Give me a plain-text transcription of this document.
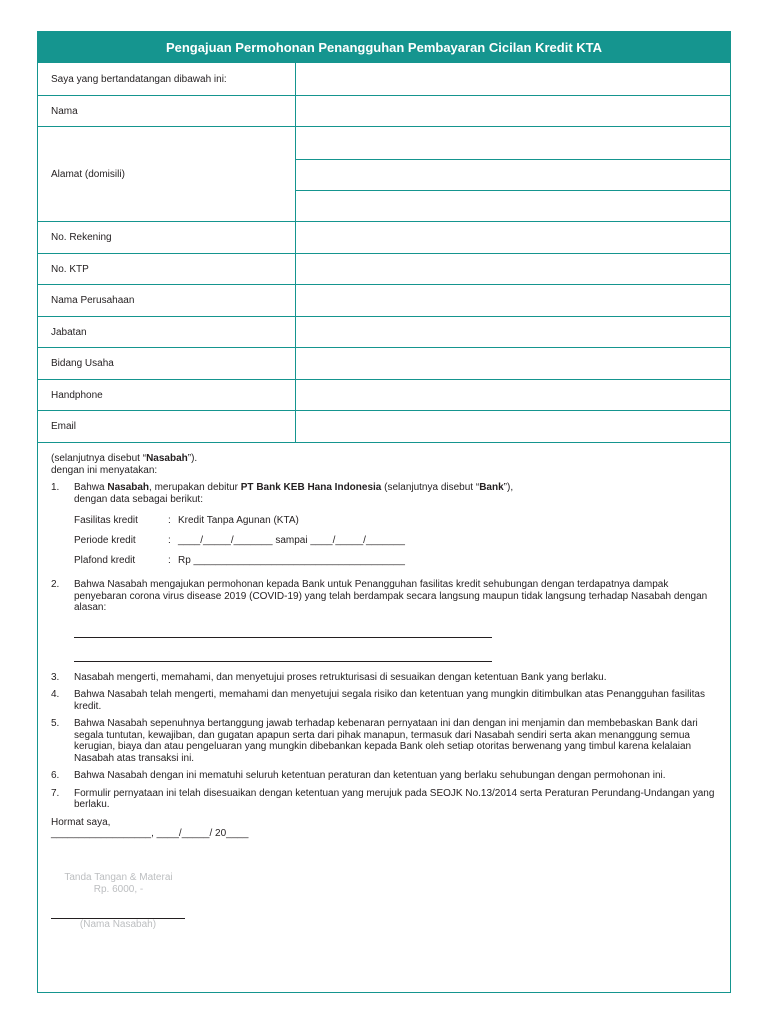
Pengajuan Permohonan Penangguhan Pembayaran Cicilan Kredit KTA
Saya yang bertandatangan dibawah ini:
Nama
Alamat (domisili)
No. Rekening
No. KTP
Nama Perusahaan
Jabatan
Bidang Usaha
Handphone
Email

(selanjutnya disebut “Nasabah”).

dengan ini menyatakan:

1.	Bahwa Nasabah, merupakan debitur PT Bank KEB Hana Indonesia (selanjutnya disebut “Bank”),

dengan data sebagai berikut:

Fasilitas kredit	: Kredit Tanpa Agunan (KTA)
Periode kredit	: ____/_____/_______ sampai ____/_____/_______
Plafond kredit	: Rp ______________________________________
2.	Bahwa Nasabah mengajukan permohonan kepada Bank untuk Penangguhan fasilitas kredit sehubungan dengan terdapatnya dampak penyebaran corona virus disease 2019 (COVID-19) yang telah berdampak secara langsung maupun tidak langsung terhadap Nasabah dengan alasan:

3.	Nasabah mengerti, memahami, dan menyetujui proses retrukturisasi di sesuaikan dengan ketentuan Bank yang berlaku.

4.	Bahwa Nasabah telah mengerti, memahami dan menyetujui segala risiko dan ketentuan yang mungkin ditimbulkan atas Penangguhan fasilitas kredit.

5.	Bahwa Nasabah sepenuhnya bertanggung jawab terhadap kebenaran pernyataan ini dan dengan ini menjamin dan membebaskan Bank dari segala tuntutan, kewajiban, dan gugatan apapun serta dari pihak manapun, termasuk dari Nasabah sendiri serta akan menanggung semua kerugian, biaya dan atau pengeluaran yang mungkin dibebankan kepada Bank oleh setiap otoritas berwenang yang timbul karena kelalaian Nasabah atas transaksi ini.

6.	Bahwa Nasabah dengan ini mematuhi seluruh ketentuan peraturan dan ketentuan yang berlaku sehubungan dengan permohonan ini.

7.	Formulir pernyataan ini telah disesuaikan dengan ketentuan yang merujuk pada SEOJK No.13/2014 serta Peraturan Perundang-Undangan yang berlaku.

Hormat saya,

__________________, ____/_____/ 20____

Tanda Tangan & Materai

Rp. 6000, -

(Nama Nasabah)
